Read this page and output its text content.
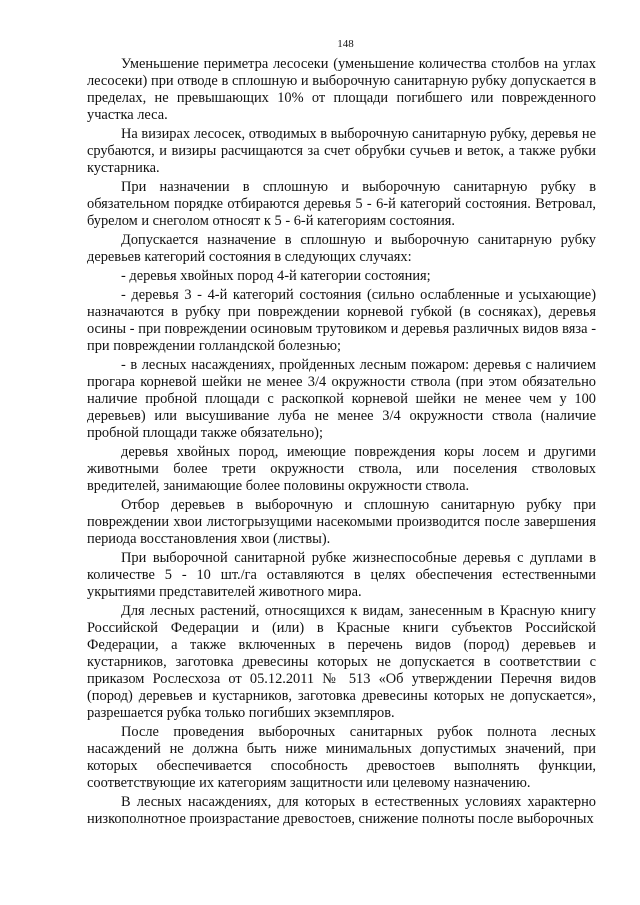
148

Уменьшение периметра лесосеки (уменьшение количества столбов на углах лесосеки) при отводе в сплошную и выборочную санитарную рубку допускается в пределах, не превышающих 10% от площади погибшего или поврежденного участка леса.

На визирах лесосек, отводимых в выборочную санитарную рубку, деревья не срубаются, и визиры расчищаются за счет обрубки сучьев и веток, а также рубки кустарника.

При назначении в сплошную и выборочную санитарную рубку в обязательном порядке отбираются деревья 5 - 6-й категорий состояния. Ветровал, бурелом и снеголом относят к 5 - 6-й категориям состояния.

Допускается назначение в сплошную и выборочную санитарную рубку деревьев категорий состояния в следующих случаях:

- деревья хвойных пород 4-й категории состояния;

- деревья 3 - 4-й категорий состояния (сильно ослабленные и усыхающие) назначаются в рубку при повреждении корневой губкой (в сосняках), деревья осины - при повреждении осиновым трутовиком и деревья различных видов вяза - при повреждении голландской болезнью;

- в лесных насаждениях, пройденных лесным пожаром: деревья с наличием прогара корневой шейки не менее 3/4 окружности ствола (при этом обязательно наличие пробной площади с раскопкой корневой шейки не менее чем у 100 деревьев) или высушивание луба не менее 3/4 окружности ствола (наличие пробной площади также обязательно);

деревья хвойных пород, имеющие повреждения коры лосем и другими животными более трети окружности ствола, или поселения стволовых вредителей, занимающие более половины окружности ствола.

Отбор деревьев в выборочную и сплошную санитарную рубку при повреждении хвои листогрызущими насекомыми производится после завершения периода восстановления хвои (листвы).

При выборочной санитарной рубке жизнеспособные деревья с дуплами в количестве 5 - 10 шт./га оставляются в целях обеспечения естественными укрытиями представителей животного мира.

Для лесных растений, относящихся к видам, занесенным в Красную книгу Российской Федерации и (или) в Красные книги субъектов Российской Федерации, а также включенных в перечень видов (пород) деревьев и кустарников, заготовка древесины которых не допускается в соответствии с приказом Рослесхоза от 05.12.2011 № 513 «Об утверждении Перечня видов (пород) деревьев и кустарников, заготовка древесины которых не допускается», разрешается рубка только погибших экземпляров.

После проведения выборочных санитарных рубок полнота лесных насаждений не должна быть ниже минимальных допустимых значений, при которых обеспечивается способность древостоев выполнять функции, соответствующие их категориям защитности или целевому назначению.

В лесных насаждениях, для которых в естественных условиях характерно низкополнотное произрастание древостоев, снижение полноты после выборочных
